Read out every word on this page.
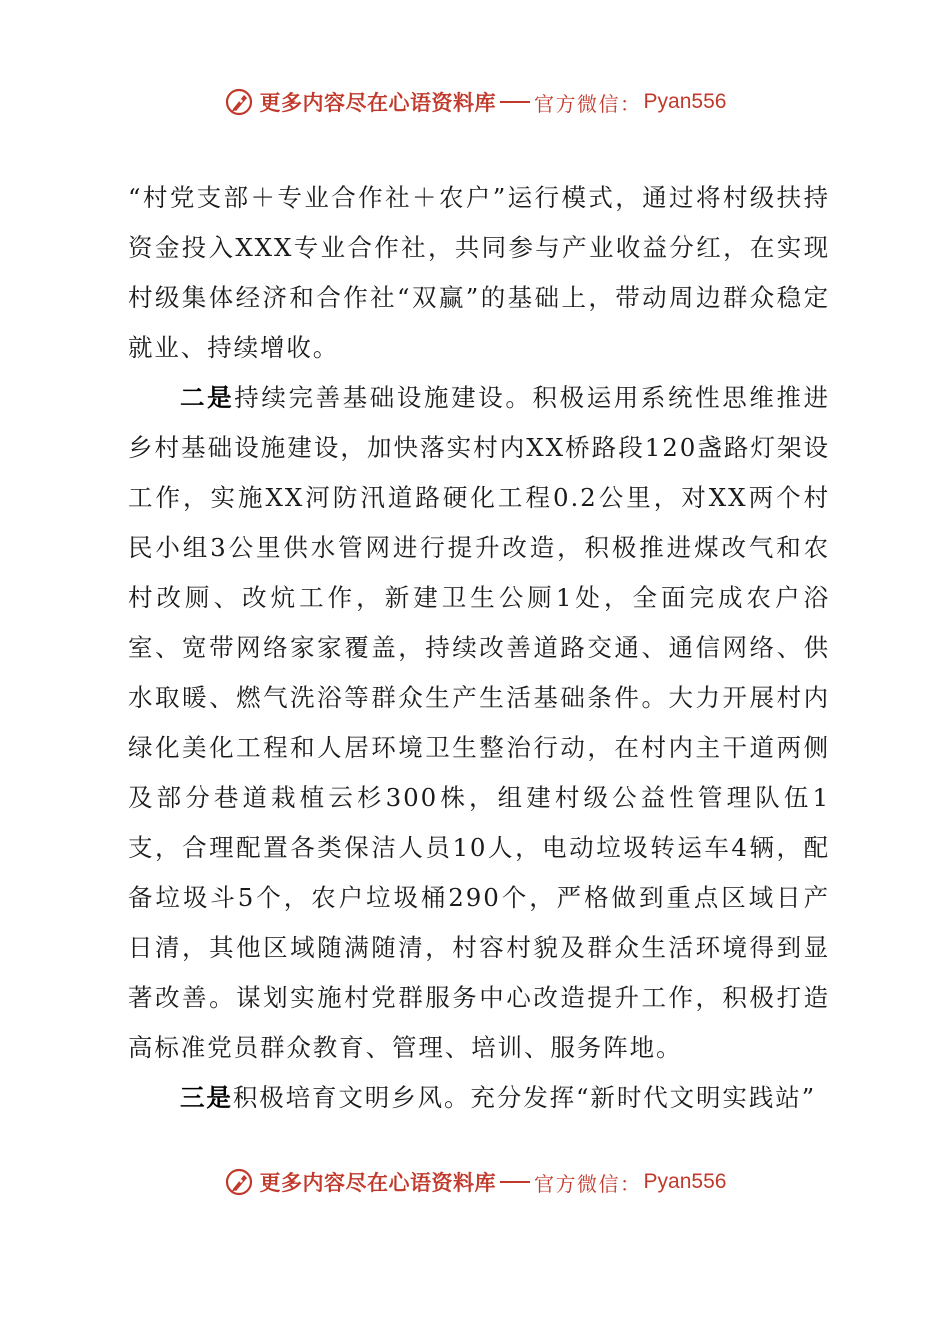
更多内容尽在心语资料库 官方微信： Pyan556

“村党支部＋专业合作社＋农户”运行模式，通过将村级扶持资金投入XXX专业合作社，共同参与产业收益分红，在实现村级集体经济和合作社“双赢”的基础上，带动周边群众稳定就业、持续增收。

二是持续完善基础设施建设。积极运用系统性思维推进乡村基础设施建设，加快落实村内XX桥路段120盏路灯架设工作，实施XX河防汛道路硬化工程0.2公里，对XX两个村民小组3公里供水管网进行提升改造，积极推进煤改气和农村改厕、改炕工作，新建卫生公厕1处，全面完成农户浴室、宽带网络家家覆盖，持续改善道路交通、通信网络、供水取暖、燃气洗浴等群众生产生活基础条件。大力开展村内绿化美化工程和人居环境卫生整治行动，在村内主干道两侧及部分巷道栽植云杉300株，组建村级公益性管理队伍1支，合理配置各类保洁人员10人，电动垃圾转运车4辆，配备垃圾斗5个，农户垃圾桶290个，严格做到重点区域日产日清，其他区域随满随清，村容村貌及群众生活环境得到显著改善。谋划实施村党群服务中心改造提升工作，积极打造高标准党员群众教育、管理、培训、服务阵地。

三是积极培育文明乡风。充分发挥“新时代文明实践站”

更多内容尽在心语资料库 官方微信： Pyan556
